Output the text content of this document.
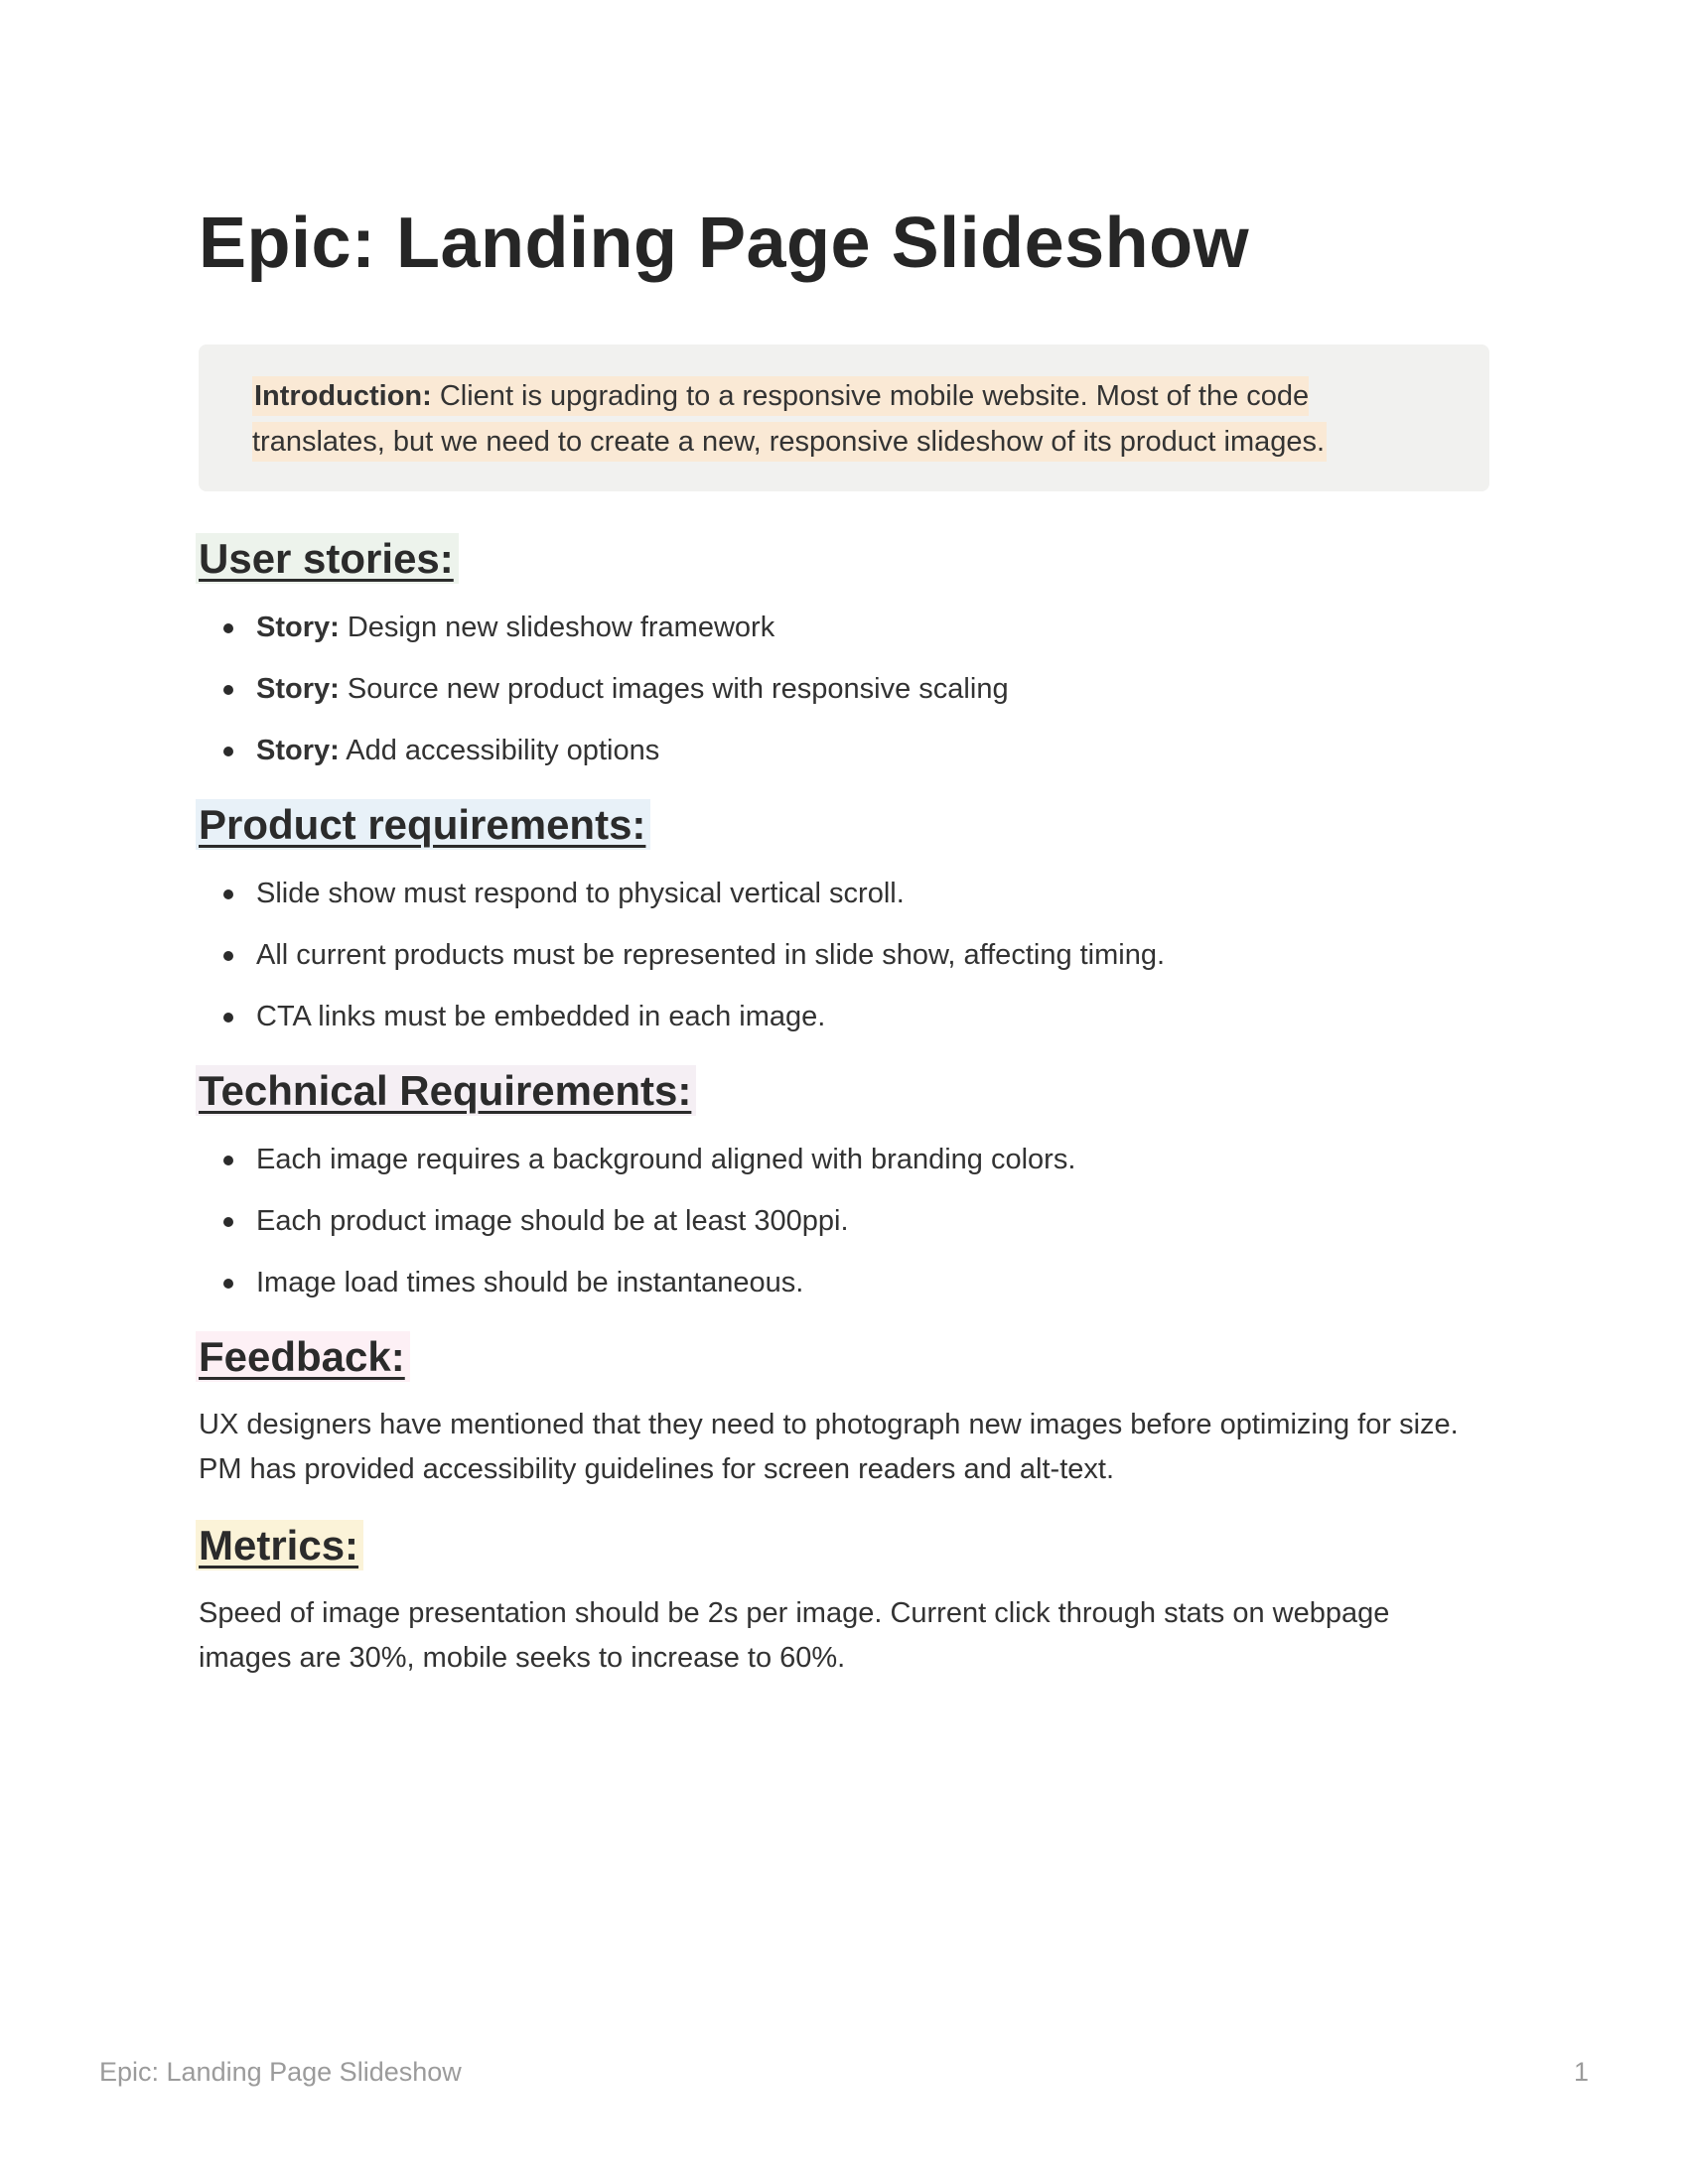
Epic: Landing Page Slideshow
Introduction: Client is upgrading to a responsive mobile website. Most of the code translates, but we need to create a new, responsive slideshow of its product images.
User stories:
Story: Design new slideshow framework
Story: Source new product images with responsive scaling
Story: Add accessibility options
Product requirements:
Slide show must respond to physical vertical scroll.
All current products must be represented in slide show, affecting timing.
CTA links must be embedded in each image.
Technical Requirements:
Each image requires a background aligned with branding colors.
Each product image should be at least 300ppi.
Image load times should be instantaneous.
Feedback:

UX designers have mentioned that they need to photograph new images before optimizing for size.  PM has provided accessibility guidelines for screen readers and alt-text.

Metrics:

Speed of image presentation should be 2s per image. Current click through stats on webpage images are 30%, mobile seeks to increase to 60%.

Epic: Landing Page Slideshow	1
